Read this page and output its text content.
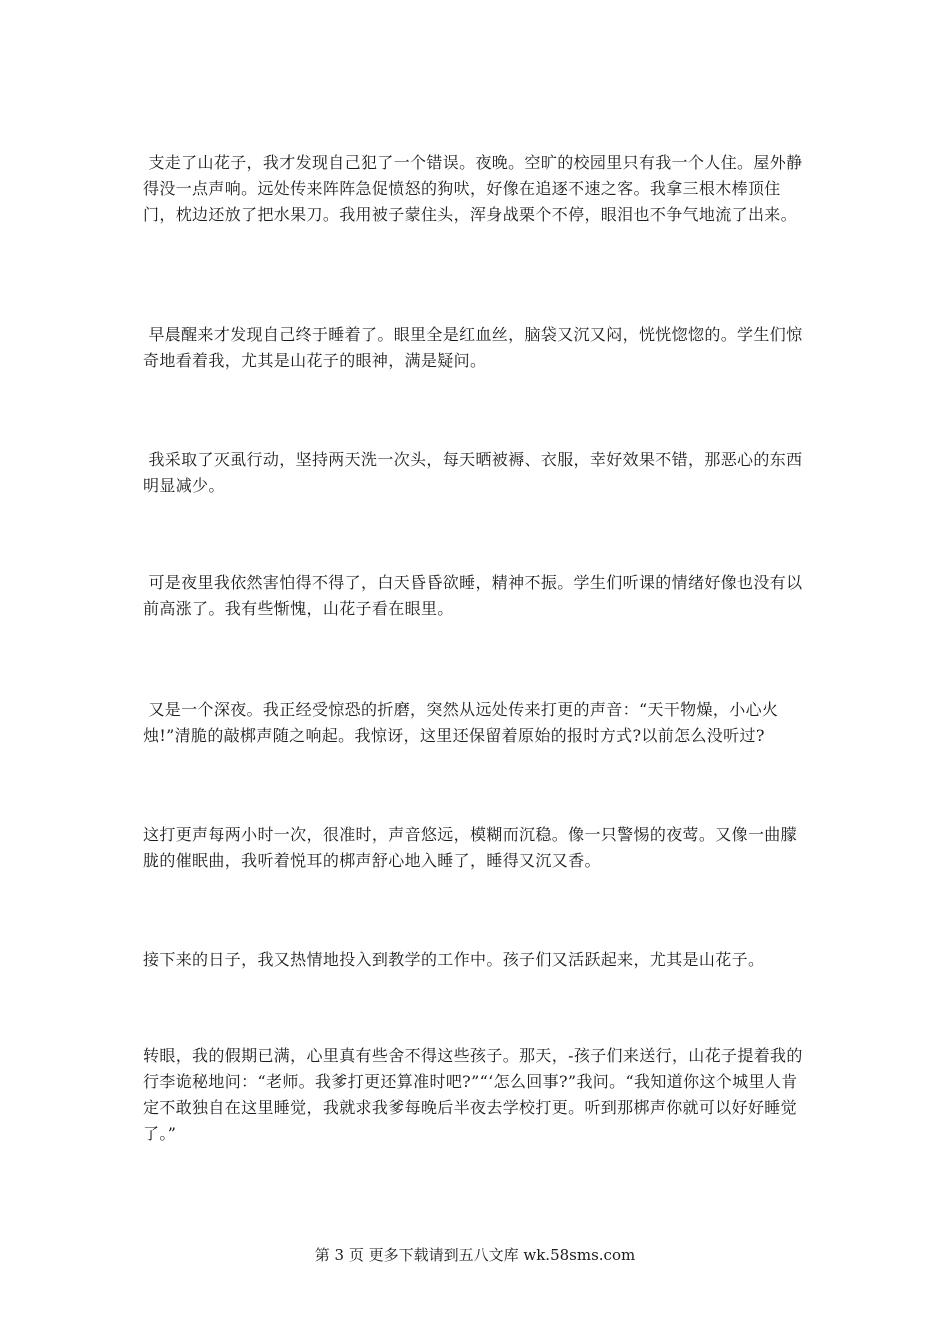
支走了山花子，我才发现自己犯了一个错误。夜晚。空旷的校园里只有我一个人住。屋外静得没一点声响。远处传来阵阵急促愤怒的狗吠，好像在追逐不速之客。我拿三根木棒顶住门，枕边还放了把水果刀。我用被子蒙住头，浑身战栗个不停，眼泪也不争气地流了出来。

早晨醒来才发现自己终于睡着了。眼里全是红血丝，脑袋又沉又闷，恍恍惚惚的。学生们惊奇地看着我，尤其是山花子的眼神，满是疑问。

我采取了灭虱行动，坚持两天洗一次头，每天晒被褥、衣服，幸好效果不错，那恶心的东西明显减少。

可是夜里我依然害怕得不得了，白天昏昏欲睡，精神不振。学生们听课的情绪好像也没有以前高涨了。我有些惭愧，山花子看在眼里。

又是一个深夜。我正经受惊恐的折磨，突然从远处传来打更的声音：“天干物燥，小心火烛!”清脆的敲梆声随之响起。我惊讶，这里还保留着原始的报时方式?以前怎么没听过?

这打更声每两小时一次，很准时，声音悠远，模糊而沉稳。像一只警惕的夜莺。又像一曲朦胧的催眠曲，我听着悦耳的梆声舒心地入睡了，睡得又沉又香。

接下来的日子，我又热情地投入到教学的工作中。孩子们又活跃起来，尤其是山花子。

转眼，我的假期已满，心里真有些舍不得这些孩子。那天，-孩子们来送行，山花子提着我的行李诡秘地问：“老师。我爹打更还算准时吧?”“‘怎么回事?”我问。“我知道你这个城里人肯定不敢独自在这里睡觉，我就求我爹每晚后半夜去学校打更。听到那梆声你就可以好好睡觉了。”

第 3 页 更多下载请到五八文库 wk.58sms.com
